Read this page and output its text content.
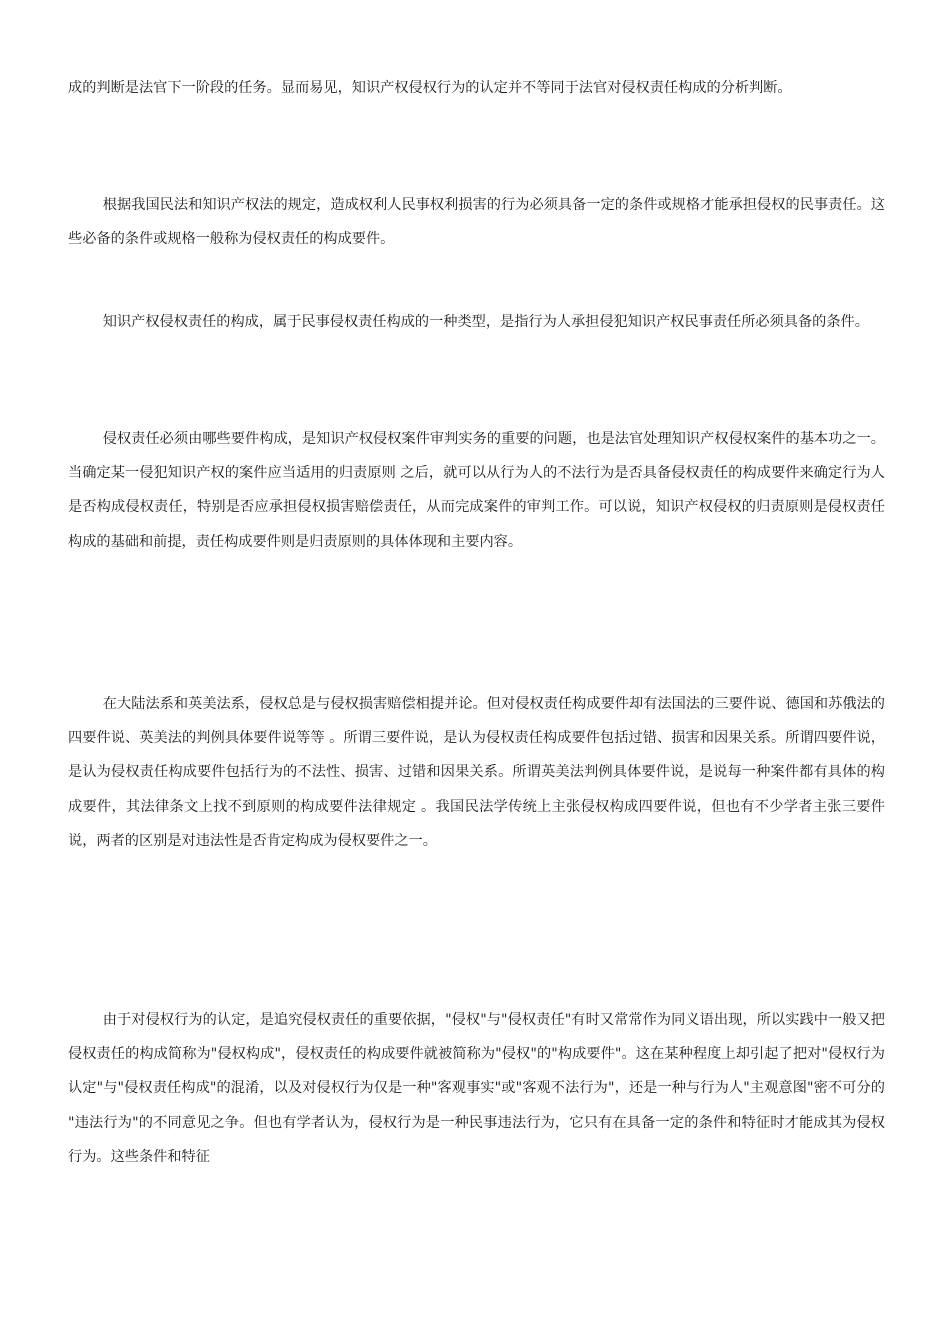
成的判断是法官下一阶段的任务。显而易见，知识产权侵权行为的认定并不等同于法官对侵权责任构成的分析判断。

根据我国民法和知识产权法的规定，造成权利人民事权利损害的行为必须具备一定的条件或规格才能承担侵权的民事责任。这些必备的条件或规格一般称为侵权责任的构成要件。

知识产权侵权责任的构成，属于民事侵权责任构成的一种类型，是指行为人承担侵犯知识产权民事责任所必须具备的条件。

侵权责任必须由哪些要件构成，是知识产权侵权案件审判实务的重要的问题，也是法官处理知识产权侵权案件的基本功之一。当确定某一侵犯知识产权的案件应当适用的归责原则 之后，就可以从行为人的不法行为是否具备侵权责任的构成要件来确定行为人是否构成侵权责任，特别是否应承担侵权损害赔偿责任，从而完成案件的审判工作。可以说，知识产权侵权的归责原则是侵权责任构成的基础和前提，责任构成要件则是归责原则的具体体现和主要内容。

在大陆法系和英美法系，侵权总是与侵权损害赔偿相提并论。但对侵权责任构成要件却有法国法的三要件说、德国和苏俄法的四要件说、英美法的判例具体要件说等等 。所谓三要件说，是认为侵权责任构成要件包括过错、损害和因果关系。所谓四要件说，是认为侵权责任构成要件包括行为的不法性、损害、过错和因果关系。所谓英美法判例具体要件说，是说每一种案件都有具体的构成要件，其法律条文上找不到原则的构成要件法律规定 。我国民法学传统上主张侵权构成四要件说，但也有不少学者主张三要件说，两者的区别是对违法性是否肯定构成为侵权要件之一。

由于对侵权行为的认定，是追究侵权责任的重要依据，"侵权"与"侵权责任"有时又常常作为同义语出现，所以实践中一般又把侵权责任的构成简称为"侵权构成"，侵权责任的构成要件就被简称为"侵权"的"构成要件"。这在某种程度上却引起了把对"侵权行为认定"与"侵权责任构成"的混淆，以及对侵权行为仅是一种"客观事实"或"客观不法行为"，还是一种与行为人"主观意图"密不可分的 "违法行为"的不同意见之争。但也有学者认为，侵权行为是一种民事违法行为，它只有在具备一定的条件和特征时才能成其为侵权行为。这些条件和特征
